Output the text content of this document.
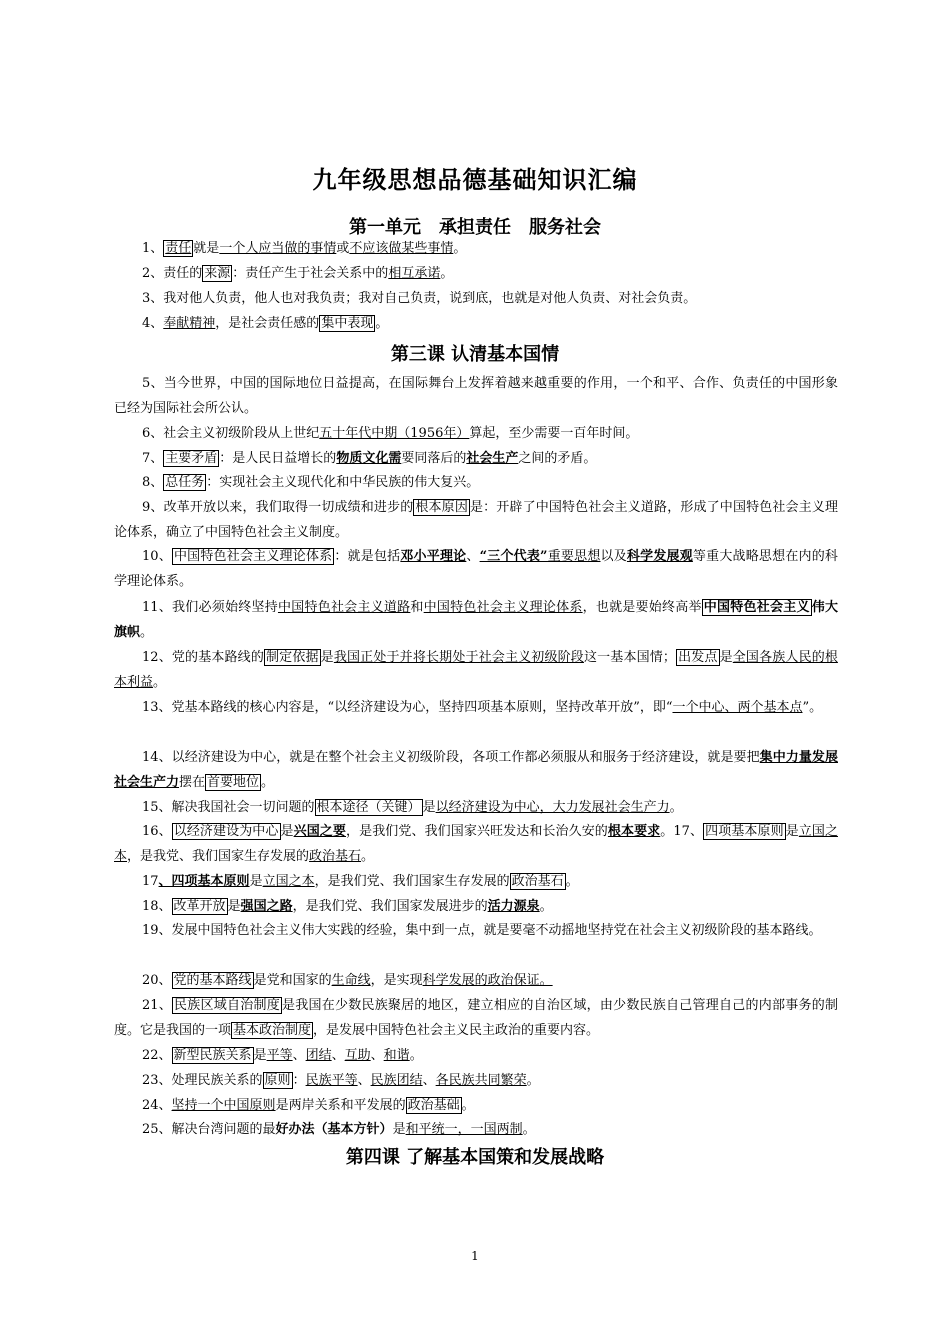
九年级思想品德基础知识汇编
第一单元　承担责任　服务社会
1、 责任 就是一个人应当做的事情或不应该做某些事情。
2、责任的 来源 ：责任产生于社会关系中的相互承诺。
3、我对他人负责，他人也对我负责；我对自己负责，说到底，也就是对他人负责、对社会负责。
4、奉献精神，是社会责任感的 集中表现 。
第三课 认清基本国情
5、当今世界，中国的国际地位日益提高，在国际舞台上发挥着越来越重要的作用，一个和平、合作、负责任的中国形象已经为国际社会所公认。
6、社会主义初级阶段从上世纪五十年代中期（1956年）算起，至少需要一百年时间。
7、 主要矛盾 ：是人民日益增长的物质文化需要同落后的社会生产之间的矛盾。
8、 总任务 ：实现社会主义现代化和中华民族的伟大复兴。
9、改革开放以来，我们取得一切成绩和进步的 根本原因 是：开辟了中国特色社会主义道路，形成了中国特色社会主义理论体系，确立了中国特色社会主义制度。
10、 中国特色社会主义理论体系 ：就是包括邓小平理论、“三个代表”重要思想以及科学发展观等重大战略思想在内的科学理论体系。
11、我们必须始终坚持中国特色社会主义道路和中国特色社会主义理论体系，也就是要始终高举 中国特色社会主义 伟大旗帜。
12、党的基本路线的 制定依据 是我国正处于并将长期处于社会主义初级阶段这一基本国情； 出发点 是全国各族人民的根本利益。
13、党基本路线的核心内容是，“以经济建设为心，坚持四项基本原则，坚持改革开放”，即“一个中心、两个基本点”。
14、以经济建设为中心，就是在整个社会主义初级阶段，各项工作都必须服从和服务于经济建设，就是要把集中力量发展社会生产力摆在 首要地位 。
15、解决我国社会一切问题的 根本途径（关键） 是以经济建设为中心，大力发展社会生产力。
16、 以经济建设为中心 是兴国之要，是我们党、我们国家兴旺发达和长治久安的根本要求。17、 四项基本原则 是立国之本，是我党、我们国家生存发展的政治基石。
17、四项基本原则是立国之本，是我们党、我们国家生存发展的 政治基石 。
18、 改革开放 是强国之路，是我们党、我们国家发展进步的活力源泉。
19、发展中国特色社会主义伟大实践的经验，集中到一点，就是要毫不动摇地坚持党在社会主义初级阶段的基本路线。
20、 党的基本路线 是党和国家的生命线，是实现科学发展的政治保证。
21、 民族区域自治制度 是我国在少数民族聚居的地区，建立相应的自治区域，由少数民族自己管理自己的内部事务的制度。它是我国的一项 基本政治制度 ，是发展中国特色社会主义民主政治的重要内容。
22、 新型民族关系 是平等、团结、互助、和谐。
23、处理民族关系的 原则 ：民族平等、民族团结、各民族共同繁荣。
24、坚持一个中国原则是两岸关系和平发展的 政治基础 。
25、解决台湾问题的最好办法（基本方针）是和平统一，一国两制。
第四课 了解基本国策和发展战略
1
